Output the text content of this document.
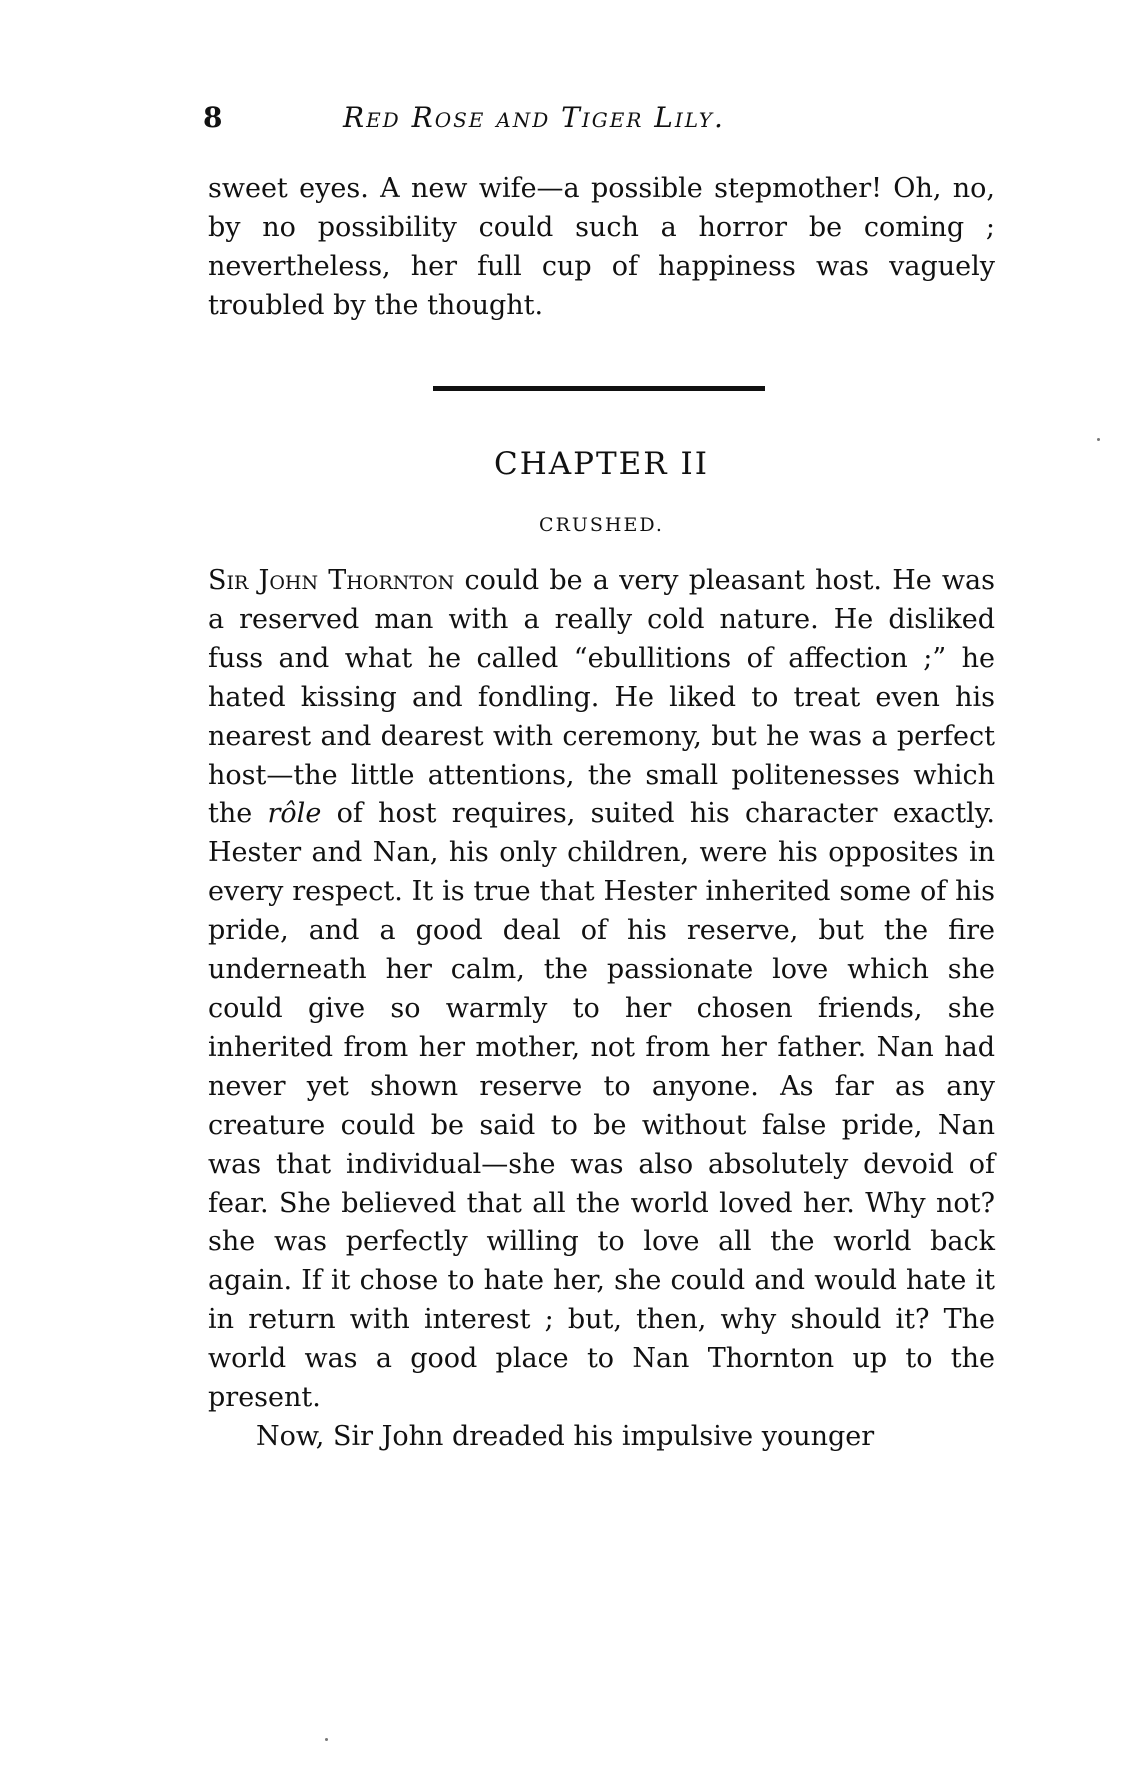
8	Red Rose and Tiger Lily.

sweet eyes. A new wife—a possible stepmother! Oh, no, by no possibility could such a horror be coming ; nevertheless, her full cup of happiness was vaguely troubled by the thought.

CHAPTER II
CRUSHED.

Sir John Thornton could be a very pleasant host. He was a reserved man with a really cold nature. He disliked fuss and what he called “ebullitions of affection ;” he hated kissing and fondling. He liked to treat even his nearest and dearest with ceremony, but he was a perfect host—the little attentions, the small politenesses which the rôle of host requires, suited his character exactly. Hester and Nan, his only children, were his opposites in every respect. It is true that Hester inherited some of his pride, and a good deal of his reserve, but the fire underneath her calm, the passionate love which she could give so warmly to her chosen friends, she inherited from her mother, not from her father. Nan had never yet shown reserve to anyone. As far as any creature could be said to be without false pride, Nan was that individual—she was also absolutely devoid of fear. She believed that all the world loved her. Why not? she was perfectly willing to love all the world back again. If it chose to hate her, she could and would hate it in return with interest ; but, then, why should it? The world was a good place to Nan Thornton up to the present.

Now, Sir John dreaded his impulsive younger
